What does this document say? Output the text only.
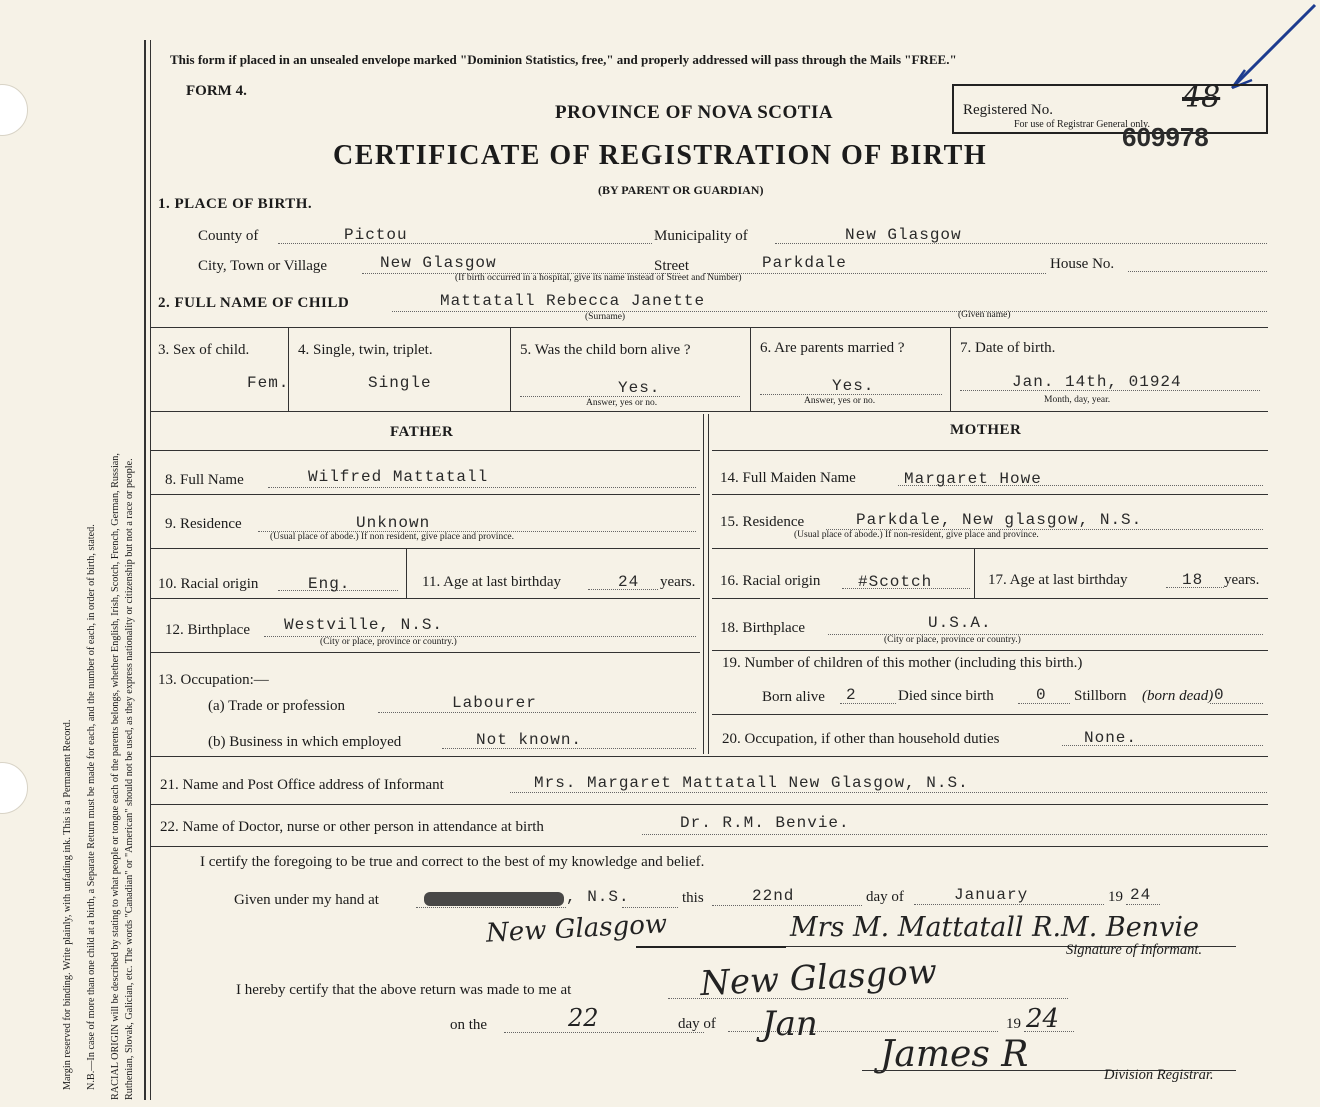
Margin reserved for binding. Write plainly, with unfading ink. This is a Permanent Record. N.B.—In case of more than one child at a birth, a Separate Return must be made for each, and the number of each, in order of birth, stated. RACIAL ORIGIN will be described by stating to what people or tongue each of the parents belongs, whether English, Irish, Scotch, French, German, Russian, Ruthenian, Slovak, Galician, etc. The words "Canadian" or "American" should not be used, as they express nationality or citizenship but not a race or people.
This form if placed in an unsealed envelope marked "Dominion Statistics, free," and properly addressed will pass through the Mails "FREE."
FORM 4.
PROVINCE OF NOVA SCOTIA
CERTIFICATE OF REGISTRATION OF BIRTH
(BY PARENT OR GUARDIAN)
Registered No.
For use of Registrar General only.
48
609978
1. PLACE OF BIRTH.
County of	Pictou	Municipality of	New Glasgow
City, Town or Village	New Glasgow	Street	Parkdale	House No.
(If birth occurred in a hospital, give its name instead of Street and Number)
2. FULL NAME OF CHILD	Mattatall Rebecca Janette
(Surname)	(Given name)
3. Sex of child.
Fem.
4. Single, twin, triplet.
Single
5. Was the child born alive ?
Yes.
Answer, yes or no.
6. Are parents married ?
Yes.
Answer, yes or no.
7. Date of birth.
Jan. 14th, 01924
Month, day, year.
FATHER	MOTHER
8. Full Name	Wilfred Mattatall
9. Residence	Unknown
(Usual place of abode.) If non resident, give place and province.
10. Racial origin	Eng.	11. Age at last birthday	24 years.
12. Birthplace Westville, N.S.
(City or place, province or country.)
13. Occupation:—
(a) Trade or profession	Labourer
(b) Business in which employed	Not known.
14. Full Maiden Name	Margaret Howe
15. Residence	Parkdale, New glasgow, N.S.
(Usual place of abode.) If non-resident, give place and province.
16. Racial origin #Scotch	17. Age at last birthday	18 years.
18. Birthplace	U.S.A.
(City or place, province or country.)
19. Number of children of this mother (including this birth.)
Born alive 2	Died since birth	0 Stillborn (born dead) 0
20. Occupation, if other than household duties	None.
21. Name and Post Office address of Informant	Mrs. Margaret Mattatall New Glasgow, N.S.
22. Name of Doctor, nurse or other person in attendance at birth	Dr. R.M. Benvie.
I certify the foregoing to be true and correct to the best of my knowledge and belief.
Given under my hand at	, N.S.	this	22nd	day of	January	19 24
New Glasgow	Mrs M. Mattatall R.M. Benvie
Signature of Informant.
I hereby certify that the above return was made to me at	New Glasgow
on the	22	day of Jan	19 24
James R	Division Registrar.
